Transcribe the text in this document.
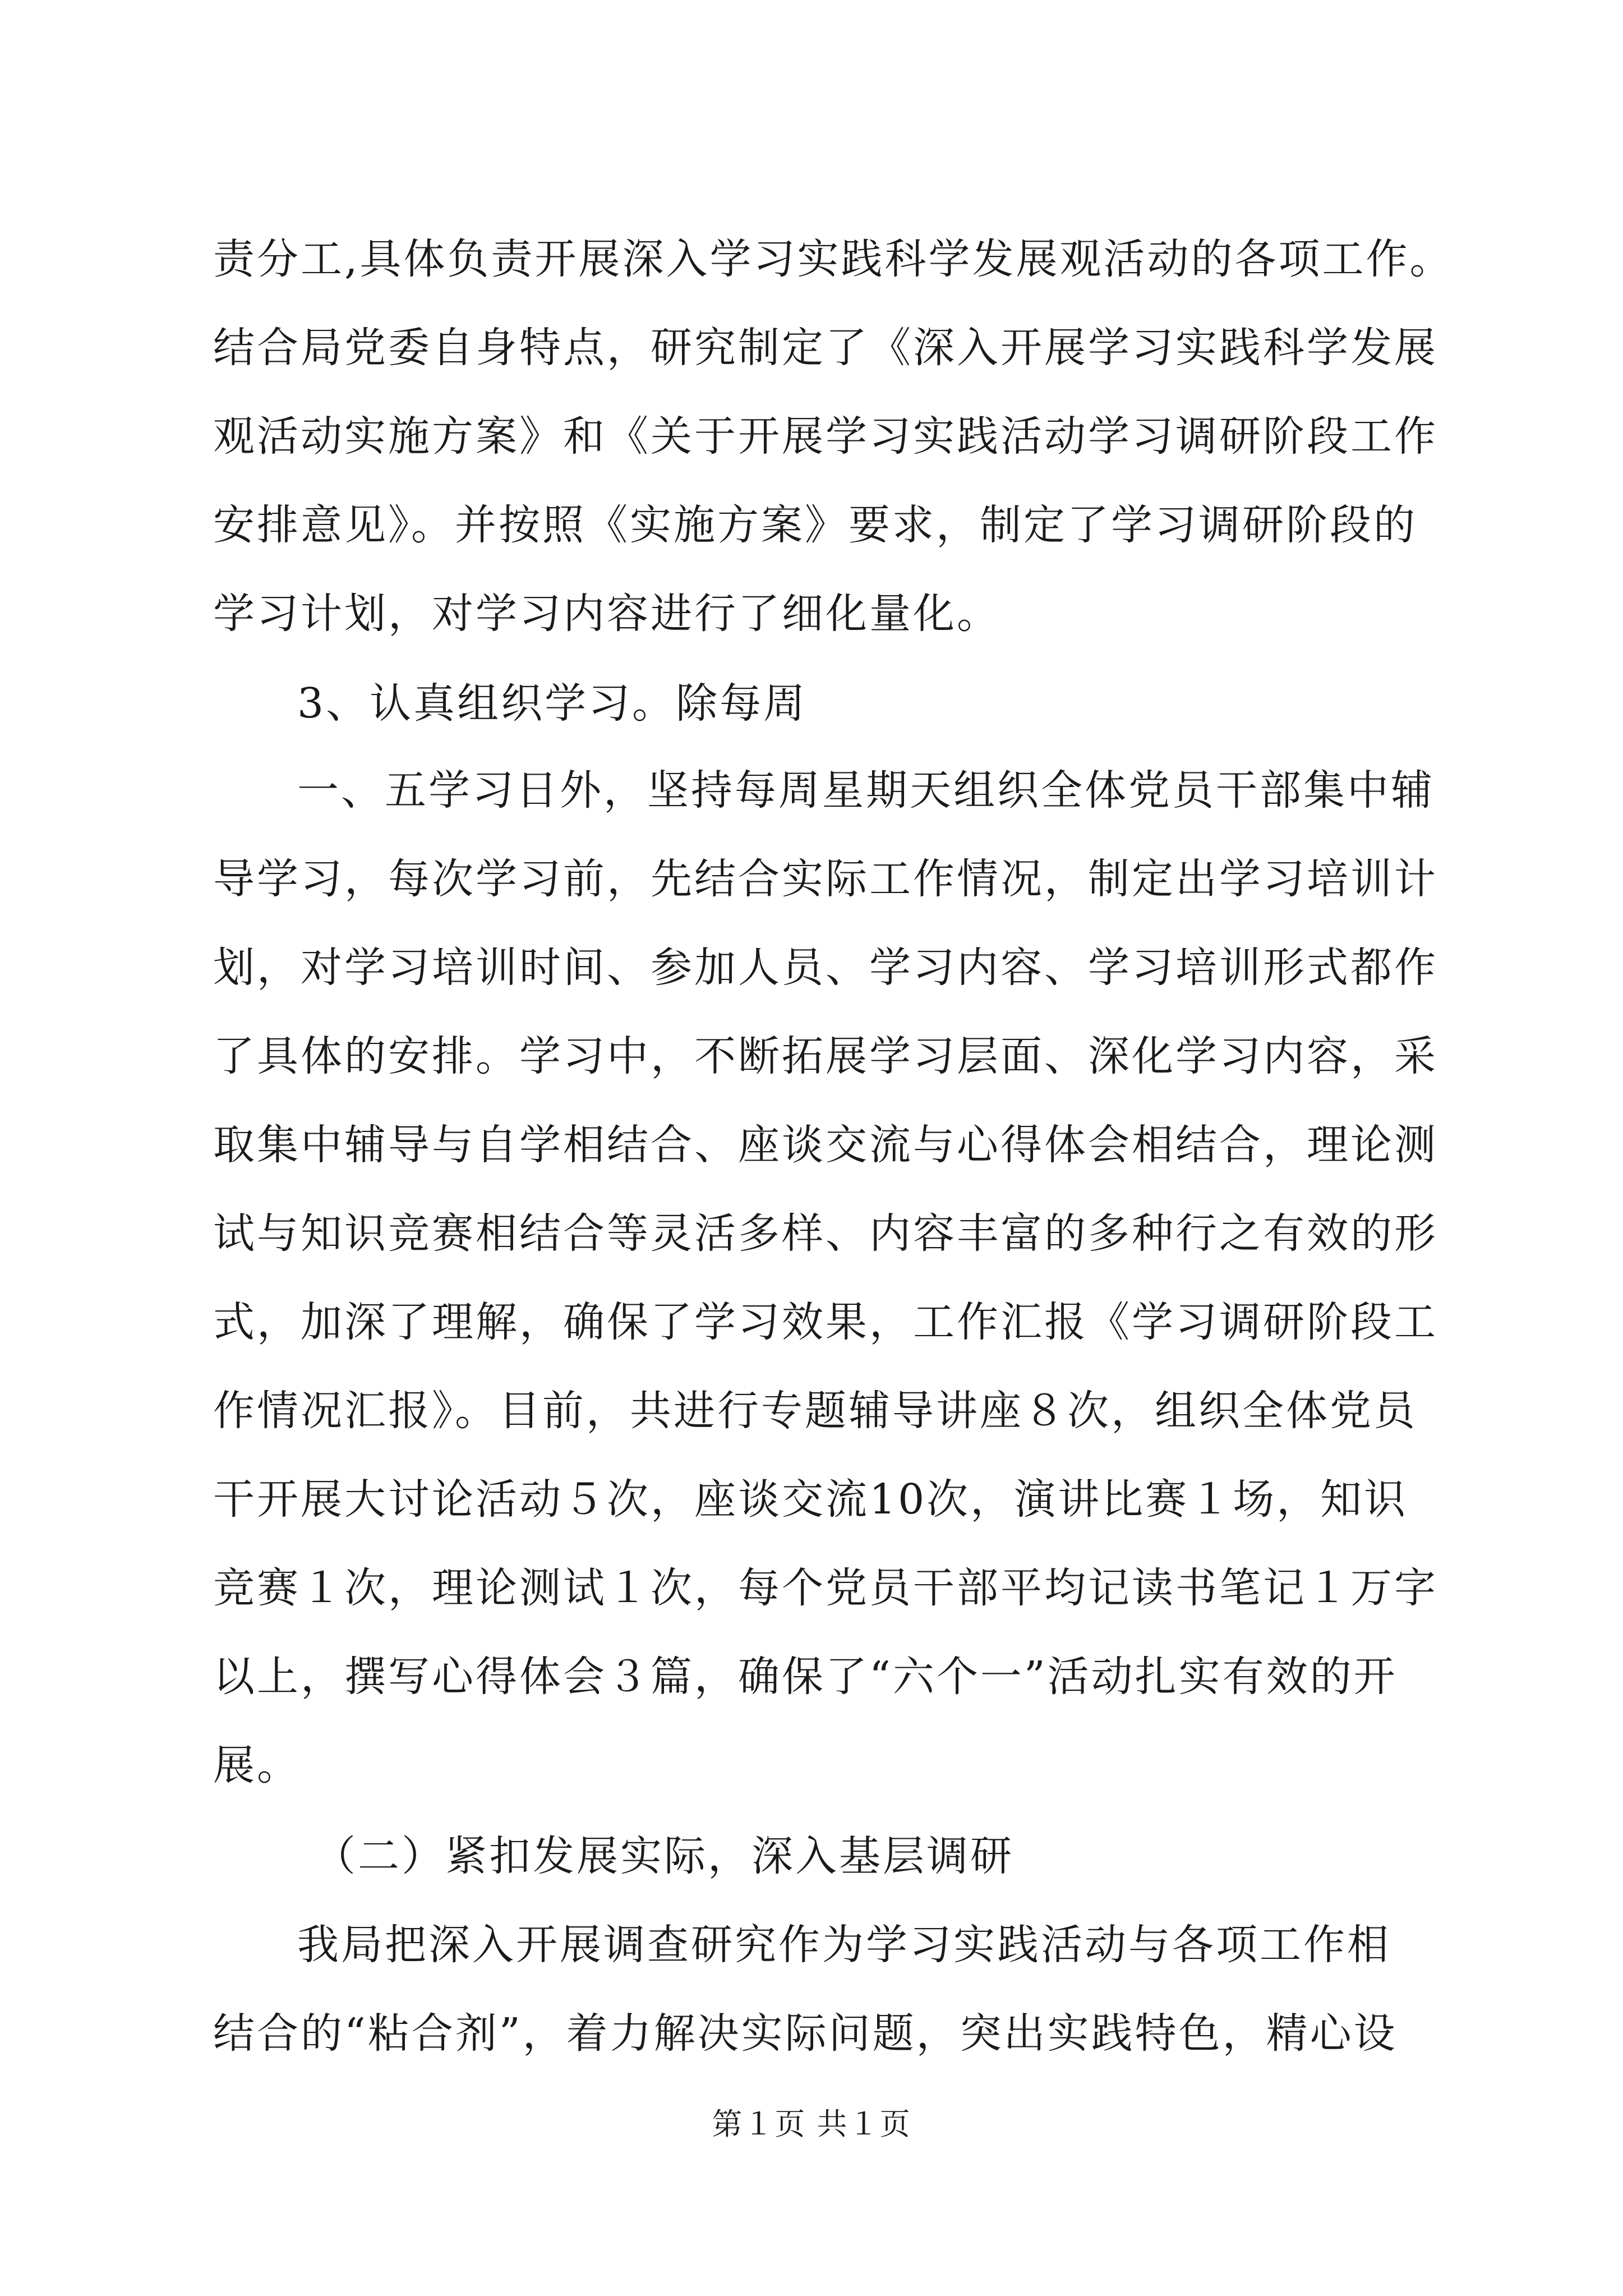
责分工,具体负责开展深入学习实践科学发展观活动的各项工作。
结合局党委自身特点，研究制定了《深入开展学习实践科学发展
观活动实施方案》和《关于开展学习实践活动学习调研阶段工作
安排意见》。并按照《实施方案》要求，制定了学习调研阶段的
学习计划，对学习内容进行了细化量化。
3、认真组织学习。除每周
一、五学习日外，坚持每周星期天组织全体党员干部集中辅
导学习，每次学习前，先结合实际工作情况，制定出学习培训计
划，对学习培训时间、参加人员、学习内容、学习培训形式都作
了具体的安排。学习中，不断拓展学习层面、深化学习内容，采
取集中辅导与自学相结合、座谈交流与心得体会相结合，理论测
试与知识竞赛相结合等灵活多样、内容丰富的多种行之有效的形
式，加深了理解，确保了学习效果，工作汇报《学习调研阶段工
作情况汇报》。目前，共进行专题辅导讲座８次，组织全体党员
干开展大讨论活动５次，座谈交流10次，演讲比赛１场，知识
竞赛１次，理论测试１次，每个党员干部平均记读书笔记１万字
以上，撰写心得体会３篇，确保了“六个一”活动扎实有效的开
展。
（二）紧扣发展实际，深入基层调研
我局把深入开展调查研究作为学习实践活动与各项工作相
结合的“粘合剂”，着力解决实际问题，突出实践特色，精心设
第１页 共１页
